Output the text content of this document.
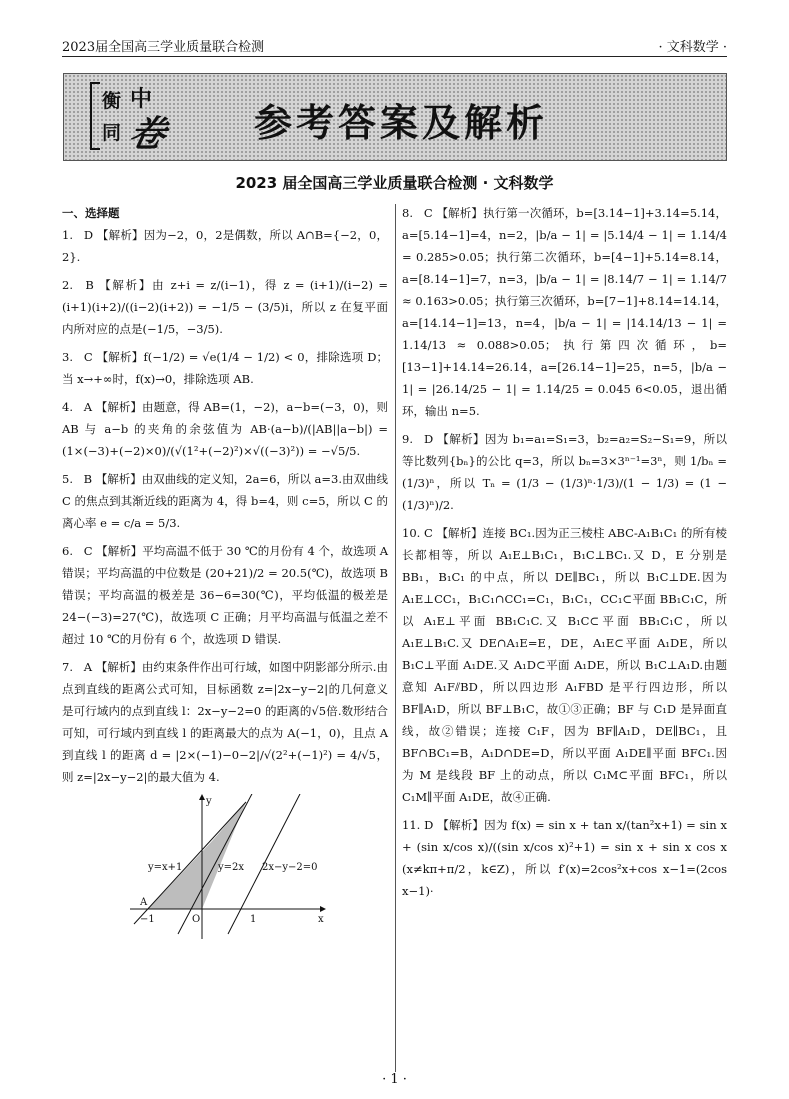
2023届全国高三学业质量联合检测	· 文科数学 ·
衡 中
同 卷 参考答案及解析
2023 届全国高三学业质量联合检测 · 文科数学
一、选择题
1. D 【解析】因为−2，0，2是偶数，所以 A∩B={−2，0，2}.
2. B 【解析】由 z+i = z/(i−1)，得 z = (i+1)/(i−2) = (i+1)(i+2)/((i−2)(i+2)) = −1/5 − (3/5)i，所以 z 在复平面内所对应的点是(−1/5，−3/5).
3. C 【解析】f(−1/2) = √e(1/4 − 1/2) < 0，排除选项 D；当 x→+∞时，f(x)→0，排除选项 AB.
4. A 【解析】由题意，得 AB=(1，−2)，a−b=(−3，0)，则 AB 与 a−b 的夹角的余弦值为 AB·(a−b)/(|AB||a−b|) = (1×(−3)+(−2)×0)/(√(1²+(−2)²)×√((−3)²)) = −√5/5.
5. B 【解析】由双曲线的定义知，2a=6，所以 a=3.由双曲线 C 的焦点到其渐近线的距离为 4，得 b=4，则 c=5，所以 C 的离心率 e = c/a = 5/3.
6. C 【解析】平均高温不低于 30 ℃的月份有 4 个，故选项 A 错误；平均高温的中位数是 (20+21)/2 = 20.5(℃)，故选项 B 错误；平均高温的极差是 36−6=30(℃)，平均低温的极差是 24−(−3)=27(℃)，故选项 C 正确；月平均高温与低温之差不超过 10 ℃的月份有 6 个，故选项 D 错误.
7. A 【解析】由约束条件作出可行域，如图中阴影部分所示.由点到直线的距离公式可知，目标函数 z=|2x−y−2|的几何意义是可行域内的点到直线 l：2x−y−2=0 的距离的√5倍.数形结合可知，可行域内到直线 l 的距离最大的点为 A(−1，0)，且点 A 到直线 l 的距离 d = |2×(−1)−0−2|/√(2²+(−1)²) = 4/√5，则 z=|2x−y−2|的最大值为 4.
y
x
O
−1	1
A
y=x+1	y=2x 2x−y−2=0
8. C 【解析】执行第一次循环，b=[3.14−1]+3.14=5.14，a=[5.14−1]=4，n=2，|b/a − 1| = |5.14/4 − 1| = 1.14/4 = 0.285>0.05；执行第二次循环，b=[4−1]+5.14=8.14，a=[8.14−1]=7，n=3，|b/a − 1| = |8.14/7 − 1| = 1.14/7 ≈ 0.163>0.05；执行第三次循环，b=[7−1]+8.14=14.14，a=[14.14−1]=13，n=4，|b/a − 1| = |14.14/13 − 1| = 1.14/13 ≈ 0.088>0.05；执行第四次循环，b=[13−1]+14.14=26.14，a=[26.14−1]=25，n=5，|b/a − 1| = |26.14/25 − 1| = 1.14/25 = 0.045 6<0.05，退出循环，输出 n=5.
9. D 【解析】因为 b₁=a₁=S₁=3，b₂=a₂=S₂−S₁=9，所以等比数列{bₙ}的公比 q=3，所以 bₙ=3×3ⁿ⁻¹=3ⁿ，则 1/bₙ = (1/3)ⁿ，所以 Tₙ = (1/3 − (1/3)ⁿ·1/3)/(1 − 1/3) = (1 − (1/3)ⁿ)/2.
10. C 【解析】连接 BC₁.因为正三棱柱 ABC-A₁B₁C₁ 的所有棱长都相等，所以 A₁E⊥B₁C₁，B₁C⊥BC₁.又 D，E 分别是 BB₁，B₁C₁ 的中点，所以 DE∥BC₁，所以 B₁C⊥DE.因为 A₁E⊥CC₁，B₁C₁∩CC₁=C₁，B₁C₁，CC₁⊂平面 BB₁C₁C，所以 A₁E⊥平面 BB₁C₁C.又 B₁C⊂平面 BB₁C₁C，所以 A₁E⊥B₁C.又 DE∩A₁E=E，DE，A₁E⊂平面 A₁DE，所以 B₁C⊥平面 A₁DE.又 A₁D⊂平面 A₁DE，所以 B₁C⊥A₁D.由题意知 A₁F⫽BD，所以四边形 A₁FBD 是平行四边形，所以 BF∥A₁D，所以 BF⊥B₁C，故①③正确；BF 与 C₁D 是异面直线，故②错误；连接 C₁F，因为 BF∥A₁D，DE∥BC₁，且 BF∩BC₁=B，A₁D∩DE=D，所以平面 A₁DE∥平面 BFC₁.因为 M 是线段 BF 上的动点，所以 C₁M⊂平面 BFC₁，所以 C₁M∥平面 A₁DE，故④正确.
11. D 【解析】因为 f(x) = sin x + tan x/(tan²x+1) = sin x + (sin x/cos x)/((sin x/cos x)²+1) = sin x + sin x cos x (x≠kπ+π/2，k∈Z)，所以 f′(x)=2cos²x+cos x−1=(2cos x−1)·
· 1 ·
